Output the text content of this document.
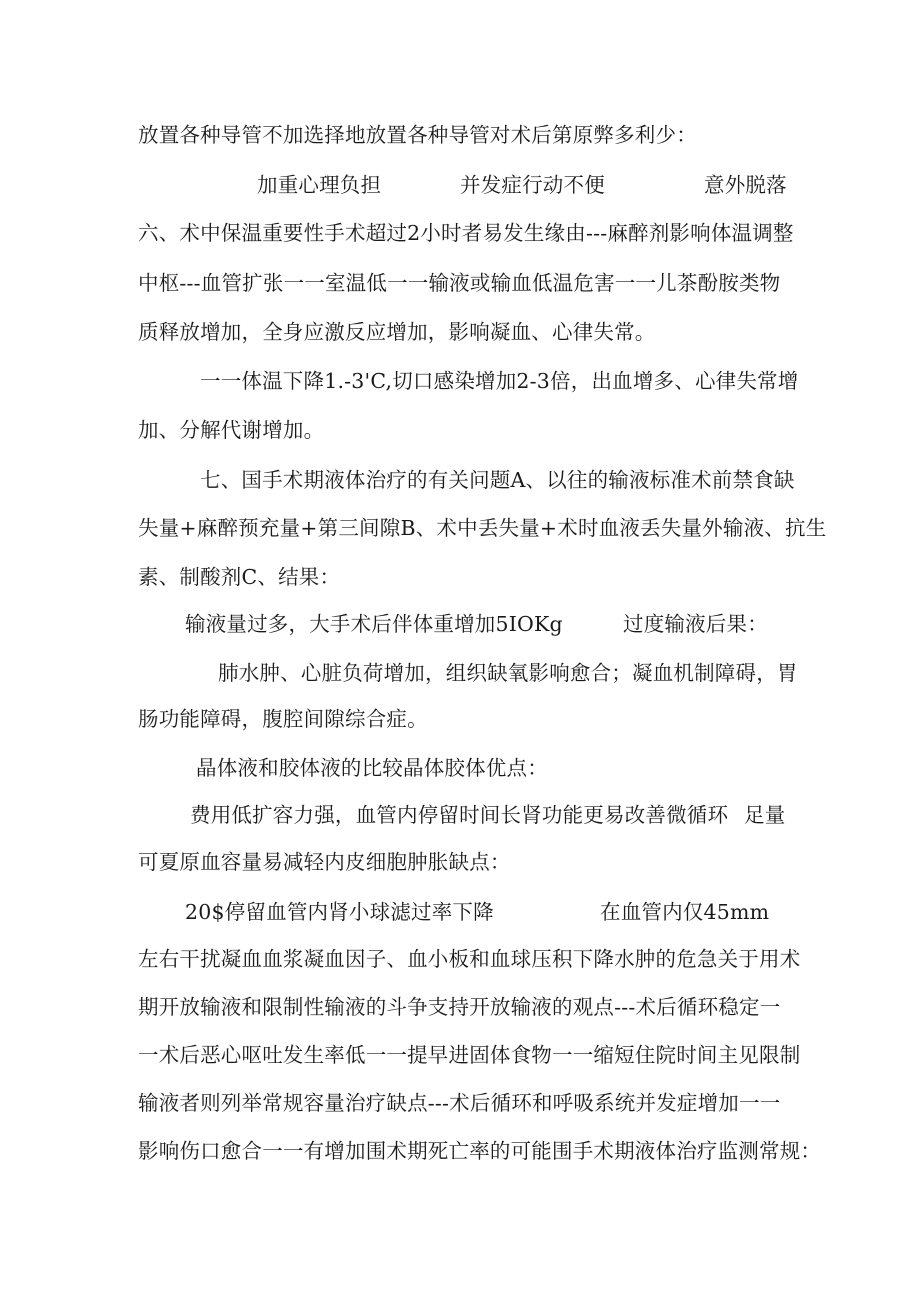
放置各种导管不加选择地放置各种导管对术后第原弊多利少：
加重心理负担	并发症行动不便	意外脱落
六、术中保温重要性手术超过2小时者易发生缘由---麻醉剂影响体温调整
中枢---血管扩张一一室温低一一输液或输血低温危害一一儿茶酚胺类物
质释放增加，全身应激反应增加，影响凝血、心律失常。
一一体温下降1.-3'C,切口感染增加2-3倍，出血增多、心律失常增
加、分解代谢增加。
七、国手术期液体治疗的有关问题A、以往的输液标准术前禁食缺
失量+麻醉预充量+第三间隙B、术中丢失量+术时血液丢失量外输液、抗生
素、制酸剂C、结果：
输液量过多，大手术后伴体重增加5IOKg	过度输液后果：
肺水肿、心脏负荷增加，组织缺氧影响愈合；凝血机制障碍，胃
肠功能障碍，腹腔间隙综合症。
晶体液和胶体液的比较晶体胶体优点：
费用低扩容力强，血管内停留时间长肾功能更易改善微循环 足量
可夏原血容量易减轻内皮细胞肿胀缺点：
20$停留血管内肾小球滤过率下降	在血管内仅45mm
左右干扰凝血血浆凝血因子、血小板和血球压积下降水肿的危急关于用术
期开放输液和限制性输液的斗争支持开放输液的观点---术后循环稳定一
一术后恶心呕吐发生率低一一提早进固体食物一一缩短住院时间主见限制
输液者则列举常规容量治疗缺点---术后循环和呼吸系统并发症增加一一
影响伤口愈合一一有增加围术期死亡率的可能围手术期液体治疗监测常规：
